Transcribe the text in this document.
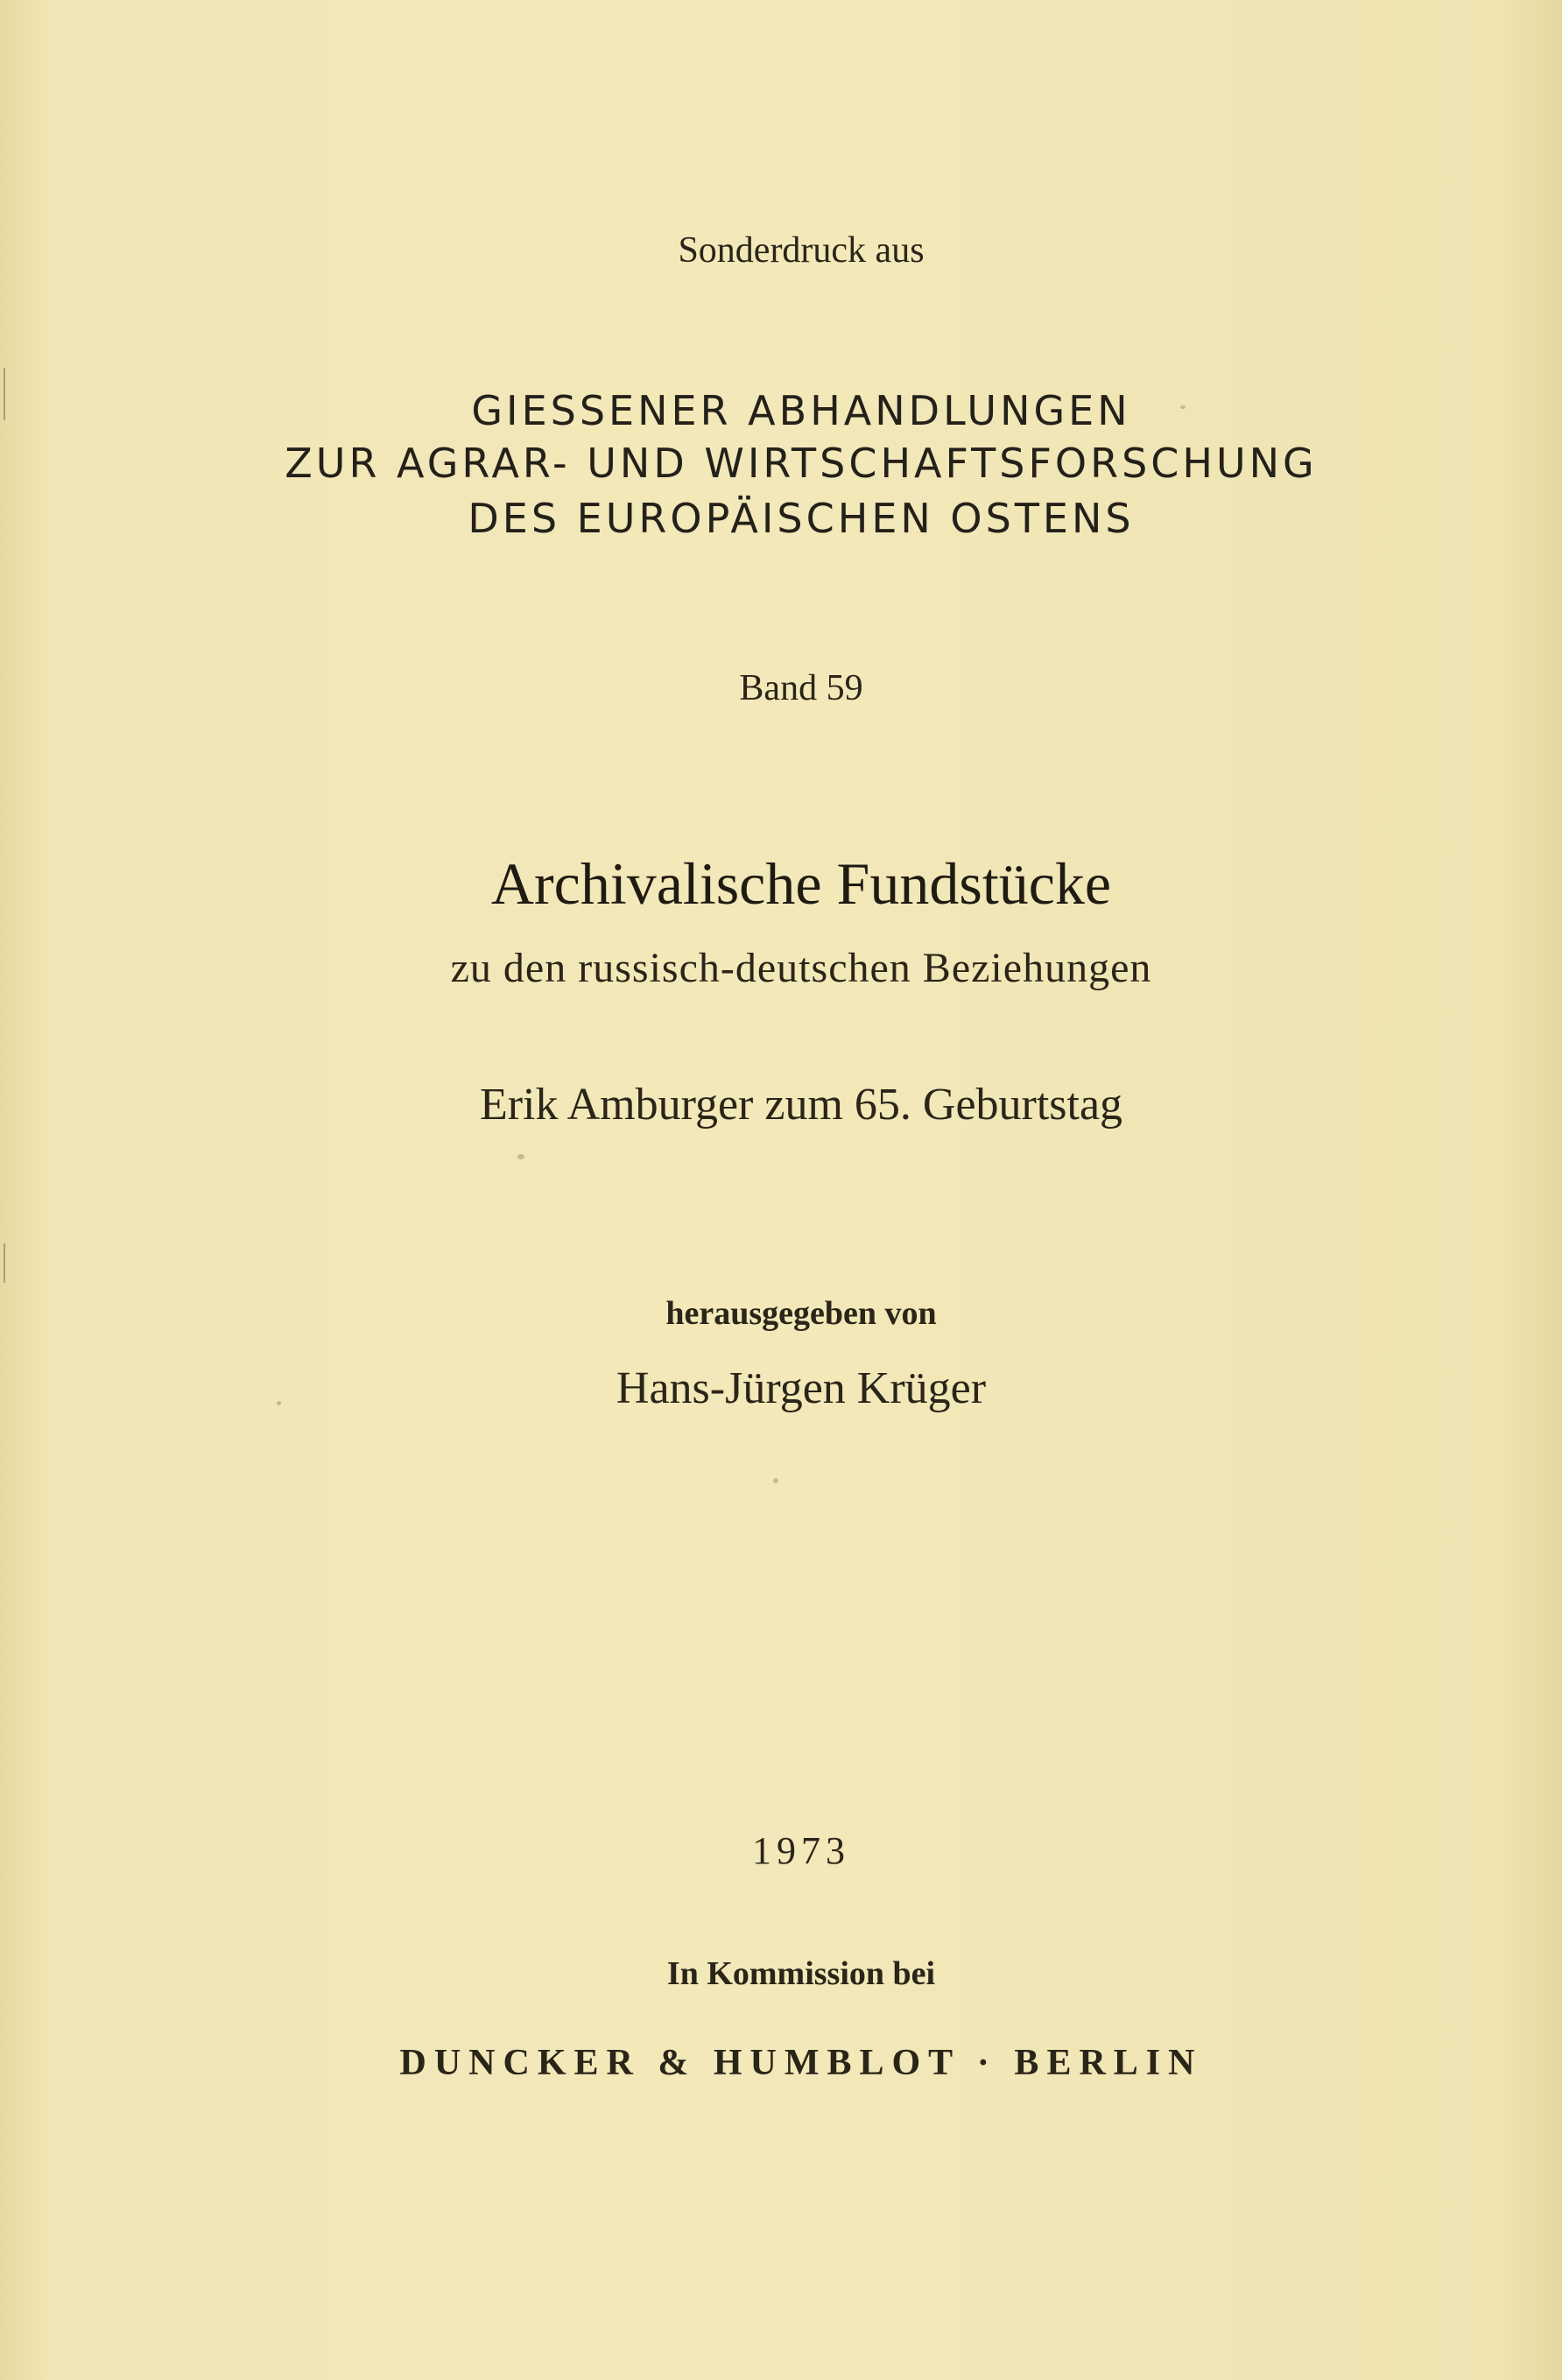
Sonderdruck aus
GIESSENER ABHANDLUNGEN
ZUR AGRAR- UND WIRTSCHAFTSFORSCHUNG
DES EUROPÄISCHEN OSTENS
Band 59
Archivalische Fundstücke
zu den russisch-deutschen Beziehungen
Erik Amburger zum 65. Geburtstag
herausgegeben von
Hans-Jürgen Krüger
1973
In Kommission bei
DUNCKER & HUMBLOT · BERLIN
